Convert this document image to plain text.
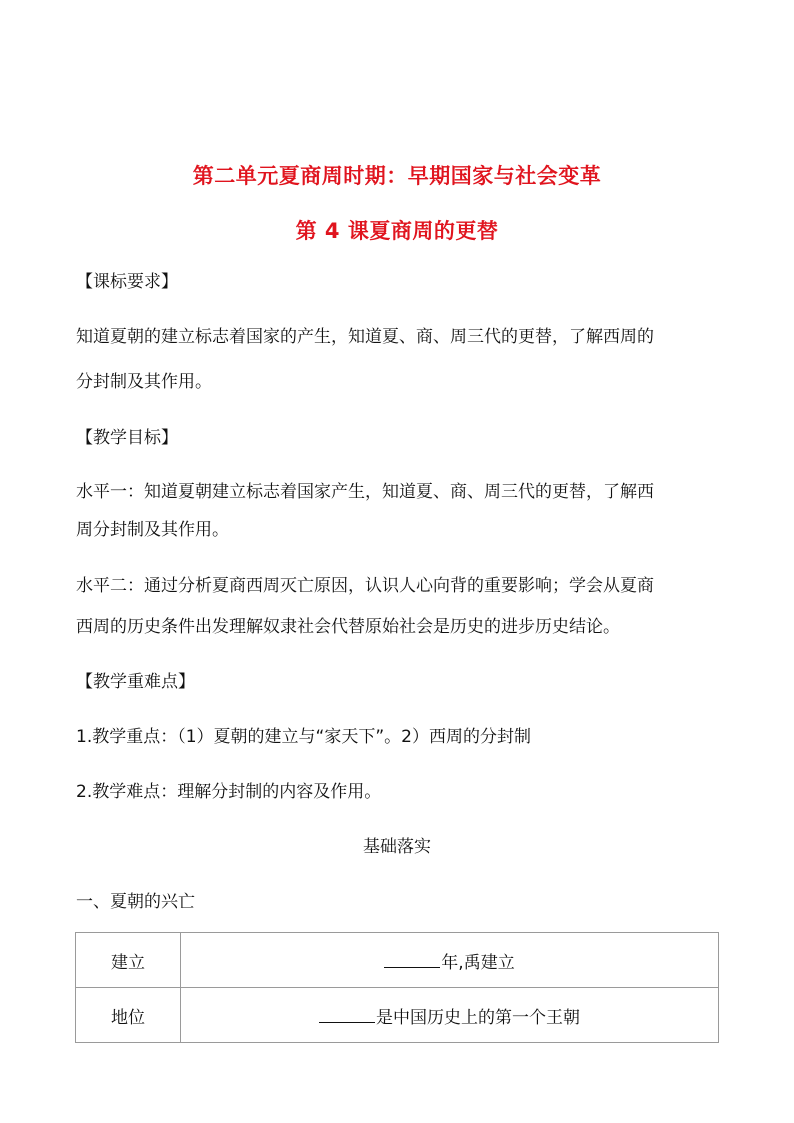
第二单元夏商周时期：早期国家与社会变革
第 4 课夏商周的更替
【课标要求】
知道夏朝的建立标志着国家的产生，知道夏、商、周三代的更替，了解西周的
分封制及其作用。
【教学目标】
水平一：知道夏朝建立标志着国家产生，知道夏、商、周三代的更替，了解西
周分封制及其作用。
水平二：通过分析夏商西周灭亡原因，认识人心向背的重要影响；学会从夏商
西周的历史条件出发理解奴隶社会代替原始社会是历史的进步历史结论。
【教学重难点】
1.教学重点：（1）夏朝的建立与“家天下”。2）西周的分封制
2.教学难点：理解分封制的内容及作用。
基础落实
一、夏朝的兴亡
建立	年,禹建立
地位	是中国历史上的第一个王朝
